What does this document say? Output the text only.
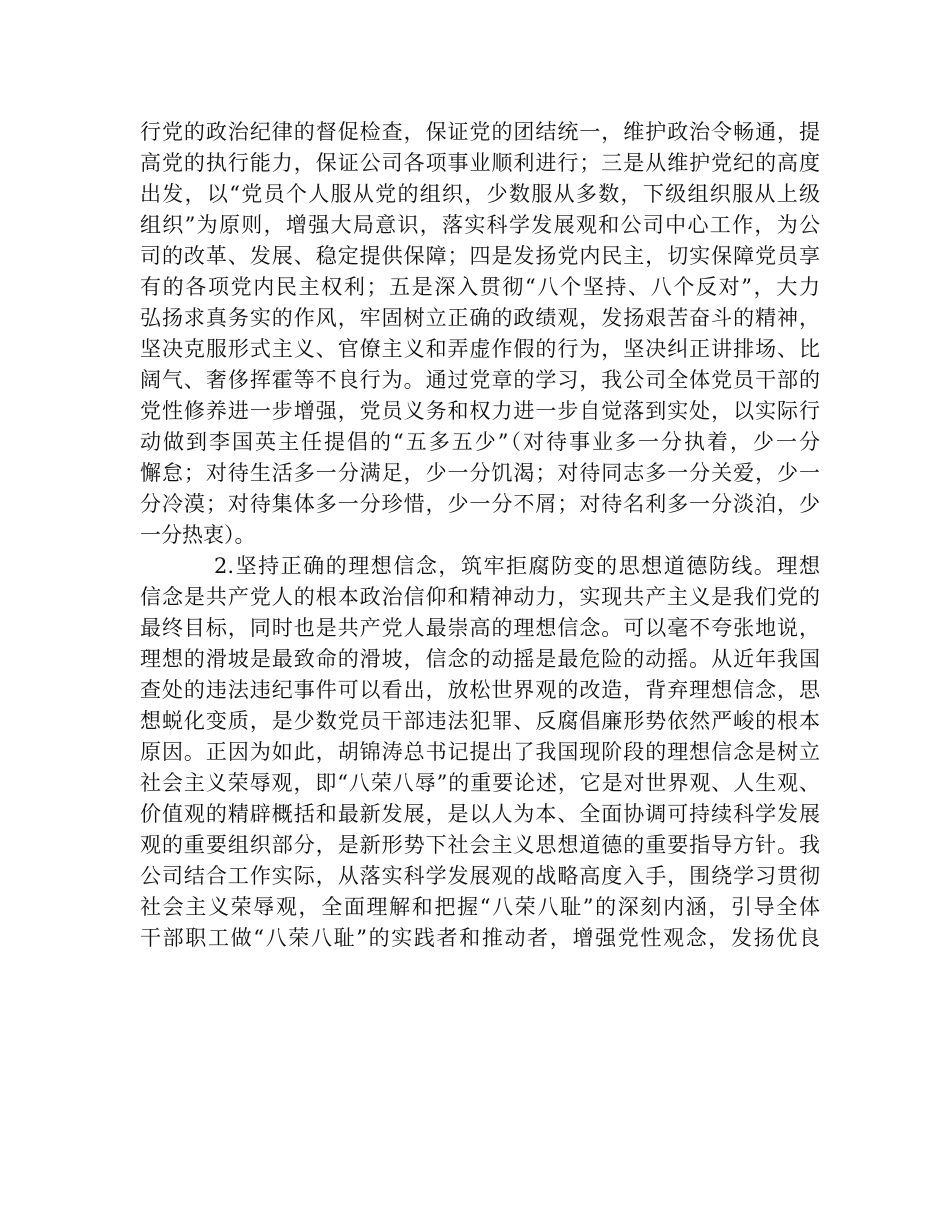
行党的政治纪律的督促检查，保证党的团结统一，维护政治令畅通，提
高党的执行能力，保证公司各项事业顺利进行；三是从维护党纪的高度
出发，以“党员个人服从党的组织，少数服从多数，下级组织服从上级
组织”为原则，增强大局意识，落实科学发展观和公司中心工作，为公
司的改革、发展、稳定提供保障；四是发扬党内民主，切实保障党员享
有的各项党内民主权利；五是深入贯彻“八个坚持、八个反对”，大力
弘扬求真务实的作风，牢固树立正确的政绩观，发扬艰苦奋斗的精神，
坚决克服形式主义、官僚主义和弄虚作假的行为，坚决纠正讲排场、比
阔气、奢侈挥霍等不良行为。通过党章的学习，我公司全体党员干部的
党性修养进一步增强，党员义务和权力进一步自觉落到实处，以实际行
动做到李国英主任提倡的“五多五少”（对待事业多一分执着，少一分
懈怠；对待生活多一分满足，少一分饥渴；对待同志多一分关爱，少一
分冷漠；对待集体多一分珍惜，少一分不屑；对待名利多一分淡泊，少
一分热衷）。
2.坚持正确的理想信念，筑牢拒腐防变的思想道德防线。理想
信念是共产党人的根本政治信仰和精神动力，实现共产主义是我们党的
最终目标，同时也是共产党人最崇高的理想信念。可以毫不夸张地说，
理想的滑坡是最致命的滑坡，信念的动摇是最危险的动摇。从近年我国
查处的违法违纪事件可以看出，放松世界观的改造，背弃理想信念，思
想蜕化变质，是少数党员干部违法犯罪、反腐倡廉形势依然严峻的根本
原因。正因为如此，胡锦涛总书记提出了我国现阶段的理想信念是树立
社会主义荣辱观，即“八荣八辱”的重要论述，它是对世界观、人生观、
价值观的精辟概括和最新发展，是以人为本、全面协调可持续科学发展
观的重要组织部分，是新形势下社会主义思想道德的重要指导方针。我
公司结合工作实际，从落实科学发展观的战略高度入手，围绕学习贯彻
社会主义荣辱观，全面理解和把握“八荣八耻”的深刻内涵，引导全体
干部职工做“八荣八耻”的实践者和推动者，增强党性观念，发扬优良
